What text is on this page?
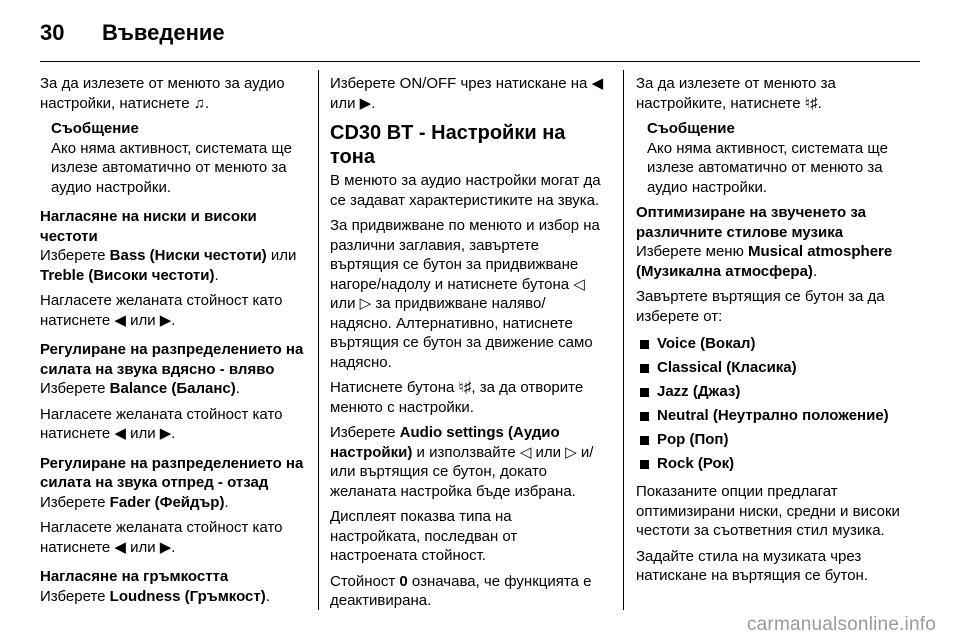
30	Въведение

За да излезете от менюто за аудио настройки, натиснете ♫.

Съобщение
Ако няма активност, системата ще излезе автоматично от менюто за аудио настройки.
Нагласяне на ниски и високи честоти

Изберете Bass (Ниски честоти) или Treble (Високи честоти).

Нагласете желаната стойност като натиснете ◀ или ▶.

Регулиране на разпределението на силата на звука вдясно - вляво

Изберете Balance (Баланс).

Нагласете желаната стойност като натиснете ◀ или ▶.

Регулиране на разпределението на силата на звука отпред - отзад

Изберете Fader (Фейдър).

Нагласете желаната стойност като натиснете ◀ или ▶.

Нагласяне на гръмкостта

Изберете Loudness (Гръмкост).

Изберете ON/OFF чрез натискане на ◀ или ▶.

CD30 BT - Настройки на тона

В менюто за аудио настройки могат да се задават характеристиките на звука.

За придвижване по менюто и избор на различни заглавия, завъртете въртящия се бутон за придвижване нагоре/надолу и натиснете бутона ◁ или ▷ за придвижване наляво/надясно. Алтернативно, натиснете въртящия се бутон за движение само надясно.

Натиснете бутона ♮♯, за да отворите менюто с настройки.

Изберете Audio settings (Аудио настройки) и използвайте ◁ или ▷ и/или въртящия се бутон, докато желаната настройка бъде избрана.

Дисплеят показва типа на настройката, последван от настроената стойност.

Стойност 0 означава, че функцията е деактивирана.

За да излезете от менюто за настройките, натиснете ♮♯.

Съобщение
Ако няма активност, системата ще излезе автоматично от менюто за аудио настройки.
Оптимизиране на звученето за различните стилове музика

Изберете меню Musical atmosphere (Музикална атмосфера).

Завъртете въртящия се бутон за да изберете от:

Voice (Вокал)
Classical (Класика)
Jazz (Джаз)
Neutral (Неутрално положение)
Pop (Поп)
Rock (Рок)

Показаните опции предлагат оптимизирани ниски, средни и високи честоти за съответния стил музика.

Задайте стила на музиката чрез натискане на въртящия се бутон.

carmanualsonline.info
